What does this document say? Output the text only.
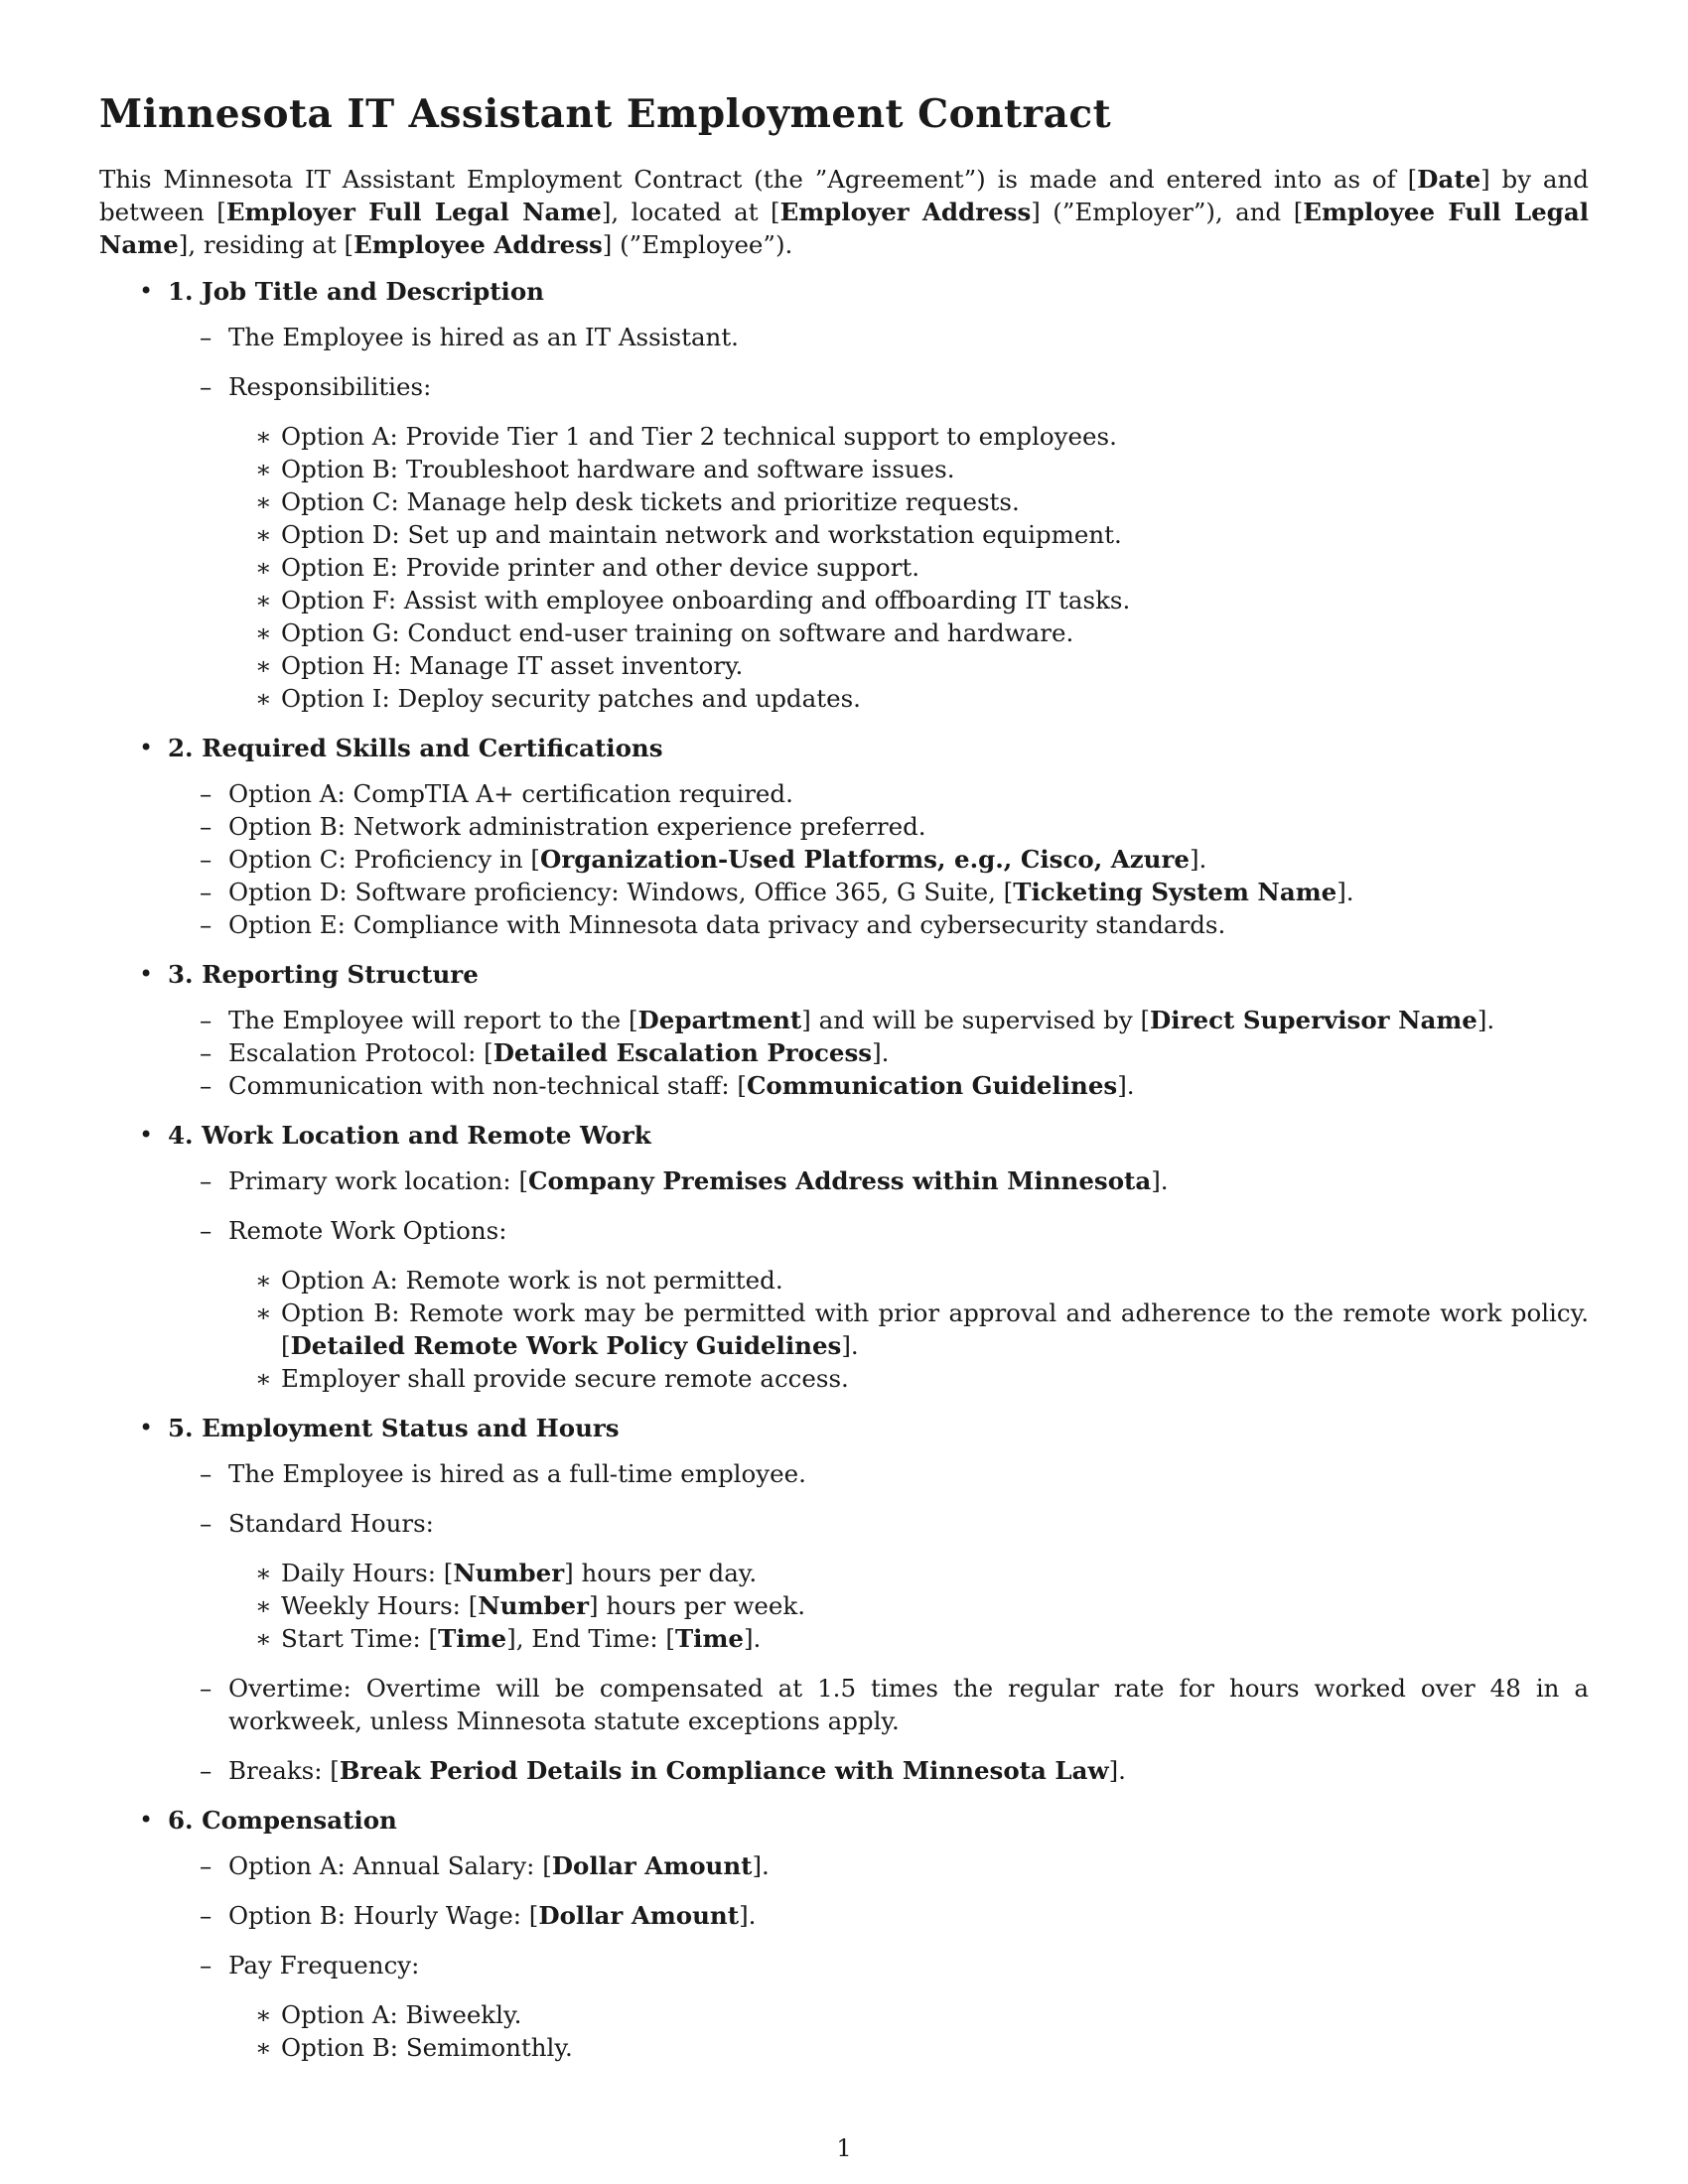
Minnesota IT Assistant Employment Contract

This Minnesota IT Assistant Employment Contract (the ”Agreement”) is made and entered into as of [Date] by and between [Employer Full Legal Name], located at [Employer Address] (”Employer”), and [Employee Full Legal Name], residing at [Employee Address] (”Employee”).

• 1. Job Title and Description
– The Employee is hired as an IT Assistant.
– Responsibilities:
∗ Option A: Provide Tier 1 and Tier 2 technical support to employees.
∗ Option B: Troubleshoot hardware and software issues.
∗ Option C: Manage help desk tickets and prioritize requests.
∗ Option D: Set up and maintain network and workstation equipment.
∗ Option E: Provide printer and other device support.
∗ Option F: Assist with employee onboarding and offboarding IT tasks.
∗ Option G: Conduct end-user training on software and hardware.
∗ Option H: Manage IT asset inventory.
∗ Option I: Deploy security patches and updates.
• 2. Required Skills and Certifications
– Option A: CompTIA A+ certification required.
– Option B: Network administration experience preferred.
– Option C: Proficiency in [Organization-Used Platforms, e.g., Cisco, Azure].
– Option D: Software proficiency: Windows, Office 365, G Suite, [Ticketing System Name].
– Option E: Compliance with Minnesota data privacy and cybersecurity standards.
• 3. Reporting Structure
– The Employee will report to the [Department] and will be supervised by [Direct Supervisor Name].
– Escalation Protocol: [Detailed Escalation Process].
– Communication with non-technical staff: [Communication Guidelines].
• 4. Work Location and Remote Work
– Primary work location: [Company Premises Address within Minnesota].
– Remote Work Options:
∗ Option A: Remote work is not permitted.
∗ Option B: Remote work may be permitted with prior approval and adherence to the remote work policy. [Detailed Remote Work Policy Guidelines].
∗ Employer shall provide secure remote access.
• 5. Employment Status and Hours
– The Employee is hired as a full-time employee.
– Standard Hours:
∗ Daily Hours: [Number] hours per day.
∗ Weekly Hours: [Number] hours per week.
∗ Start Time: [Time], End Time: [Time].
– Overtime: Overtime will be compensated at 1.5 times the regular rate for hours worked over 48 in a workweek, unless Minnesota statute exceptions apply.
– Breaks: [Break Period Details in Compliance with Minnesota Law].
• 6. Compensation
– Option A: Annual Salary: [Dollar Amount].
– Option B: Hourly Wage: [Dollar Amount].
– Pay Frequency:
∗ Option A: Biweekly.
∗ Option B: Semimonthly.
1
